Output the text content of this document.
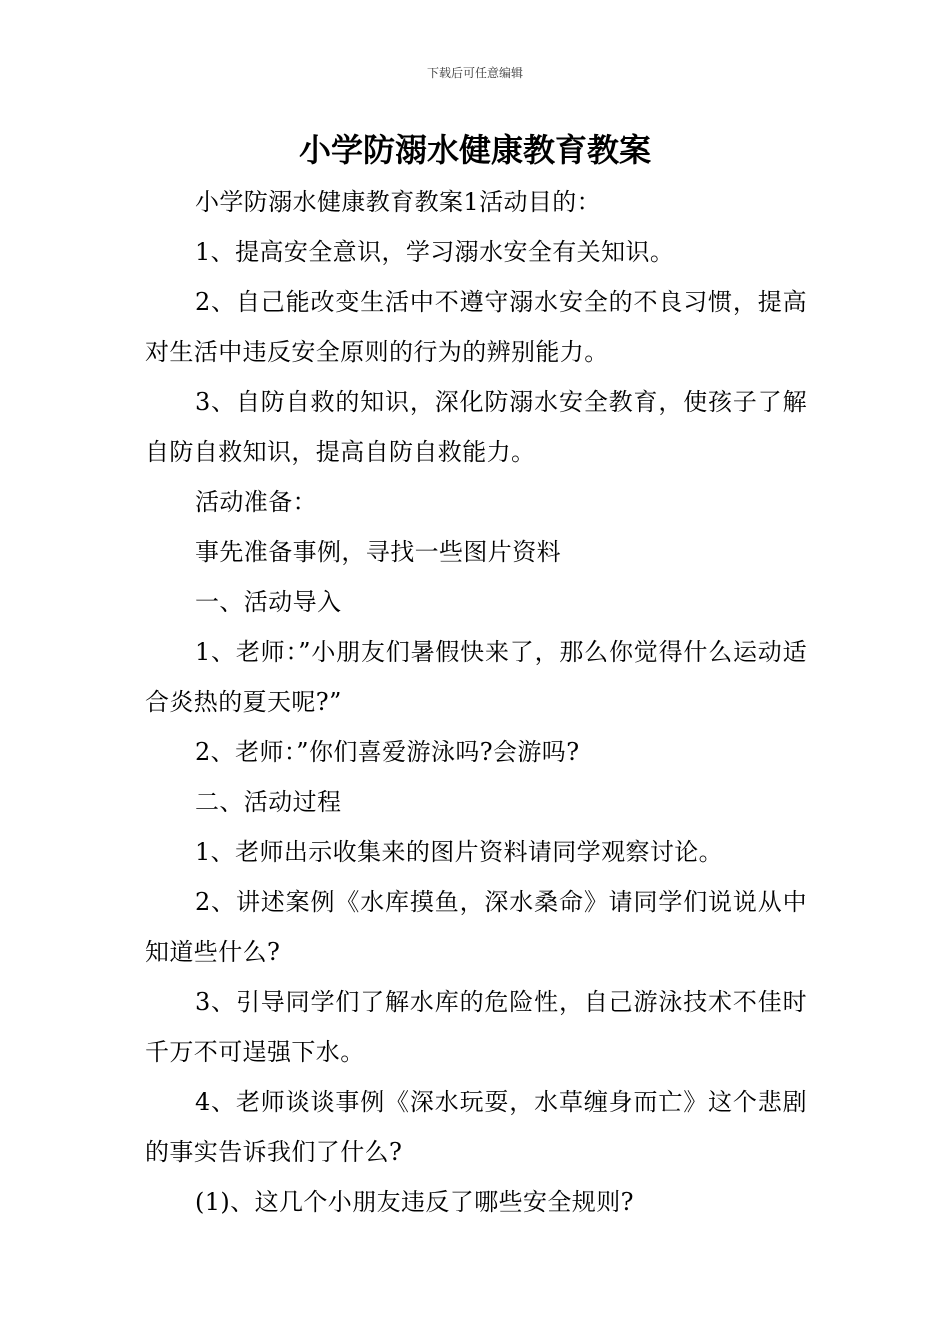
下载后可任意编辑
小学防溺水健康教育教案

小学防溺水健康教育教案1活动目的：

1、提高安全意识，学习溺水安全有关知识。

2、自己能改变生活中不遵守溺水安全的不良习惯，提高对生活中违反安全原则的行为的辨别能力。

3、自防自救的知识，深化防溺水安全教育，使孩子了解自防自救知识，提高自防自救能力。

活动准备：

事先准备事例，寻找一些图片资料

一、活动导入

1、老师：”小朋友们暑假快来了，那么你觉得什么运动适合炎热的夏天呢?”

2、老师：”你们喜爱游泳吗?会游吗?

二、活动过程

1、老师出示收集来的图片资料请同学观察讨论。

2、讲述案例《水库摸鱼，深水桑命》请同学们说说从中知道些什么?

3、引导同学们了解水库的危险性，自己游泳技术不佳时千万不可逞强下水。

4、老师谈谈事例《深水玩耍，水草缠身而亡》这个悲剧的事实告诉我们了什么?

(1)、这几个小朋友违反了哪些安全规则?
